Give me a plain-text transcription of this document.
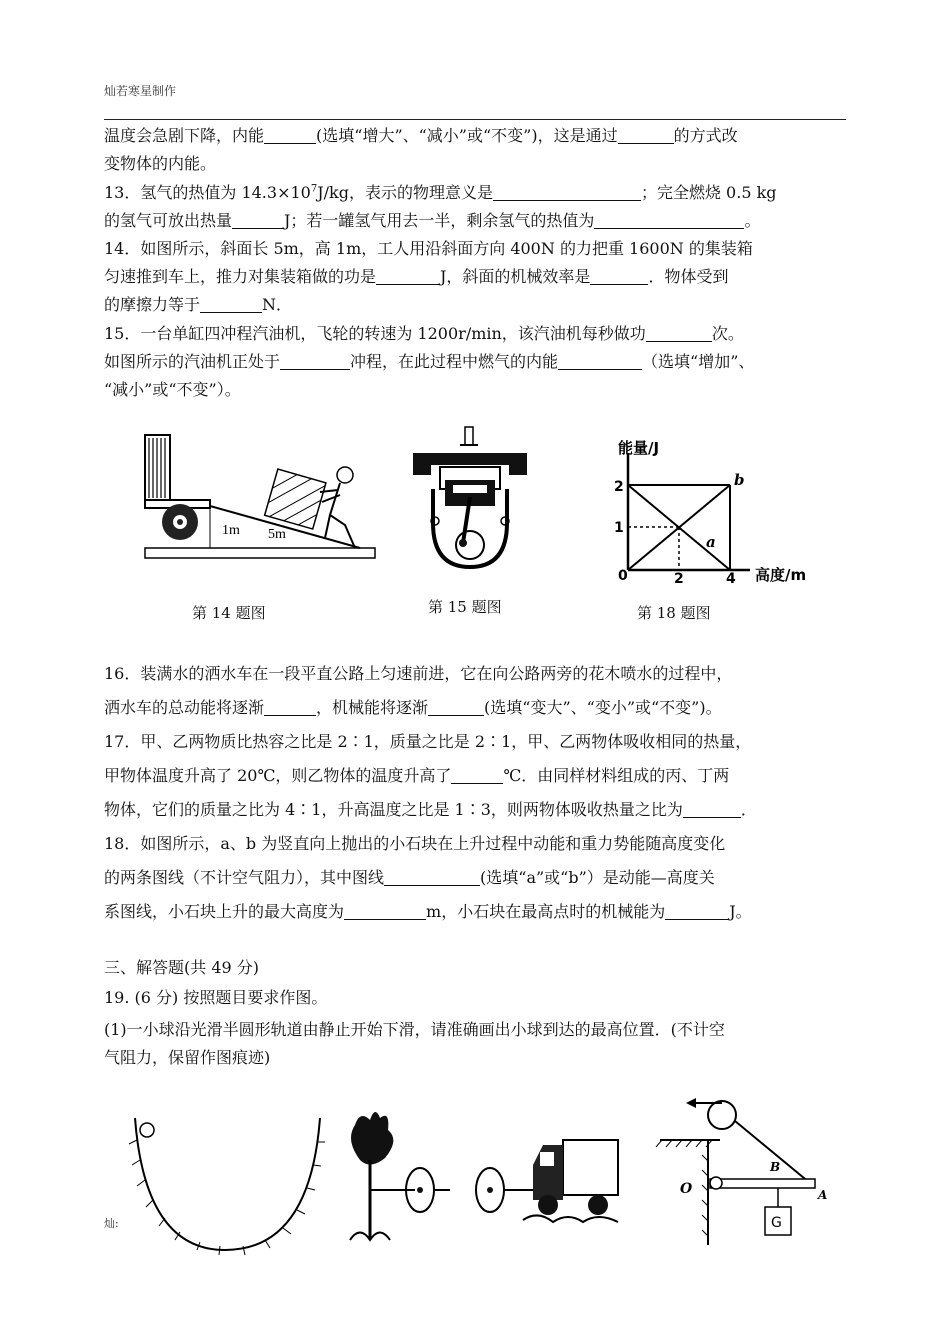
灿若寒星制作
温度会急剧下降，内能	(选填“增大”、“减小”或“不变”)，这是通过	的方式改
变物体的内能。
13．氢气的热值为 $14.3\times 10^7J/kg$，表示的物理意义是	；完全燃烧 0.5 kg
的氢气可放出热量	J；若一罐氢气用去一半，剩余氢气的热值为	。
14．如图所示，斜面长 5m，高 1m，工人用沿斜面方向 400N 的力把重 1600N 的集装箱
匀速推到车上，推力对集装箱做的功是	J，斜面的机械效率是	．物体受到
的摩擦力等于	N．
15．一台单缸四冲程汽油机，飞轮的转速为 1200r/min，该汽油机每秒做功	次。
如图所示的汽油机正处于	冲程，在此过程中燃气的内能	（选填“增加”、
“减小”或“不变”）。
1m 5m
能量/J
高度/m
2
1
0	2	4
b
a
第 14 题图	第 15 题图	第 18 题图
16．装满水的洒水车在一段平直公路上匀速前进，它在向公路两旁的花木喷水的过程中，
洒水车的总动能将逐渐	，机械能将逐渐	(选填“变大”、“变小”或“不变”)。
17．甲、乙两物质比热容之比是 2∶1，质量之比是 2∶1，甲、乙两物体吸收相同的热量，
甲物体温度升高了 20℃，则乙物体的温度升高了	℃．由同样材料组成的丙、丁两
物体，它们的质量之比为 4∶1，升高温度之比是 1∶3，则两物体吸收热量之比为	．
18．如图所示，a、b 为竖直向上抛出的小石块在上升过程中动能和重力势能随高度变化
的两条图线（不计空气阻力），其中图线	(选填“a”或“b”）是动能—高度关
系图线，小石块上升的最大高度为	m，小石块在最高点时的机械能为	J。
三、解答题(共 49 分)
19. (6 分) 按照题目要求作图。
(1)一小球沿光滑半圆形轨道由静止开始下滑，请准确画出小球到达的最高位置．(不计空
气阻力，保留作图痕迹)
O
B
A
G
灿:
